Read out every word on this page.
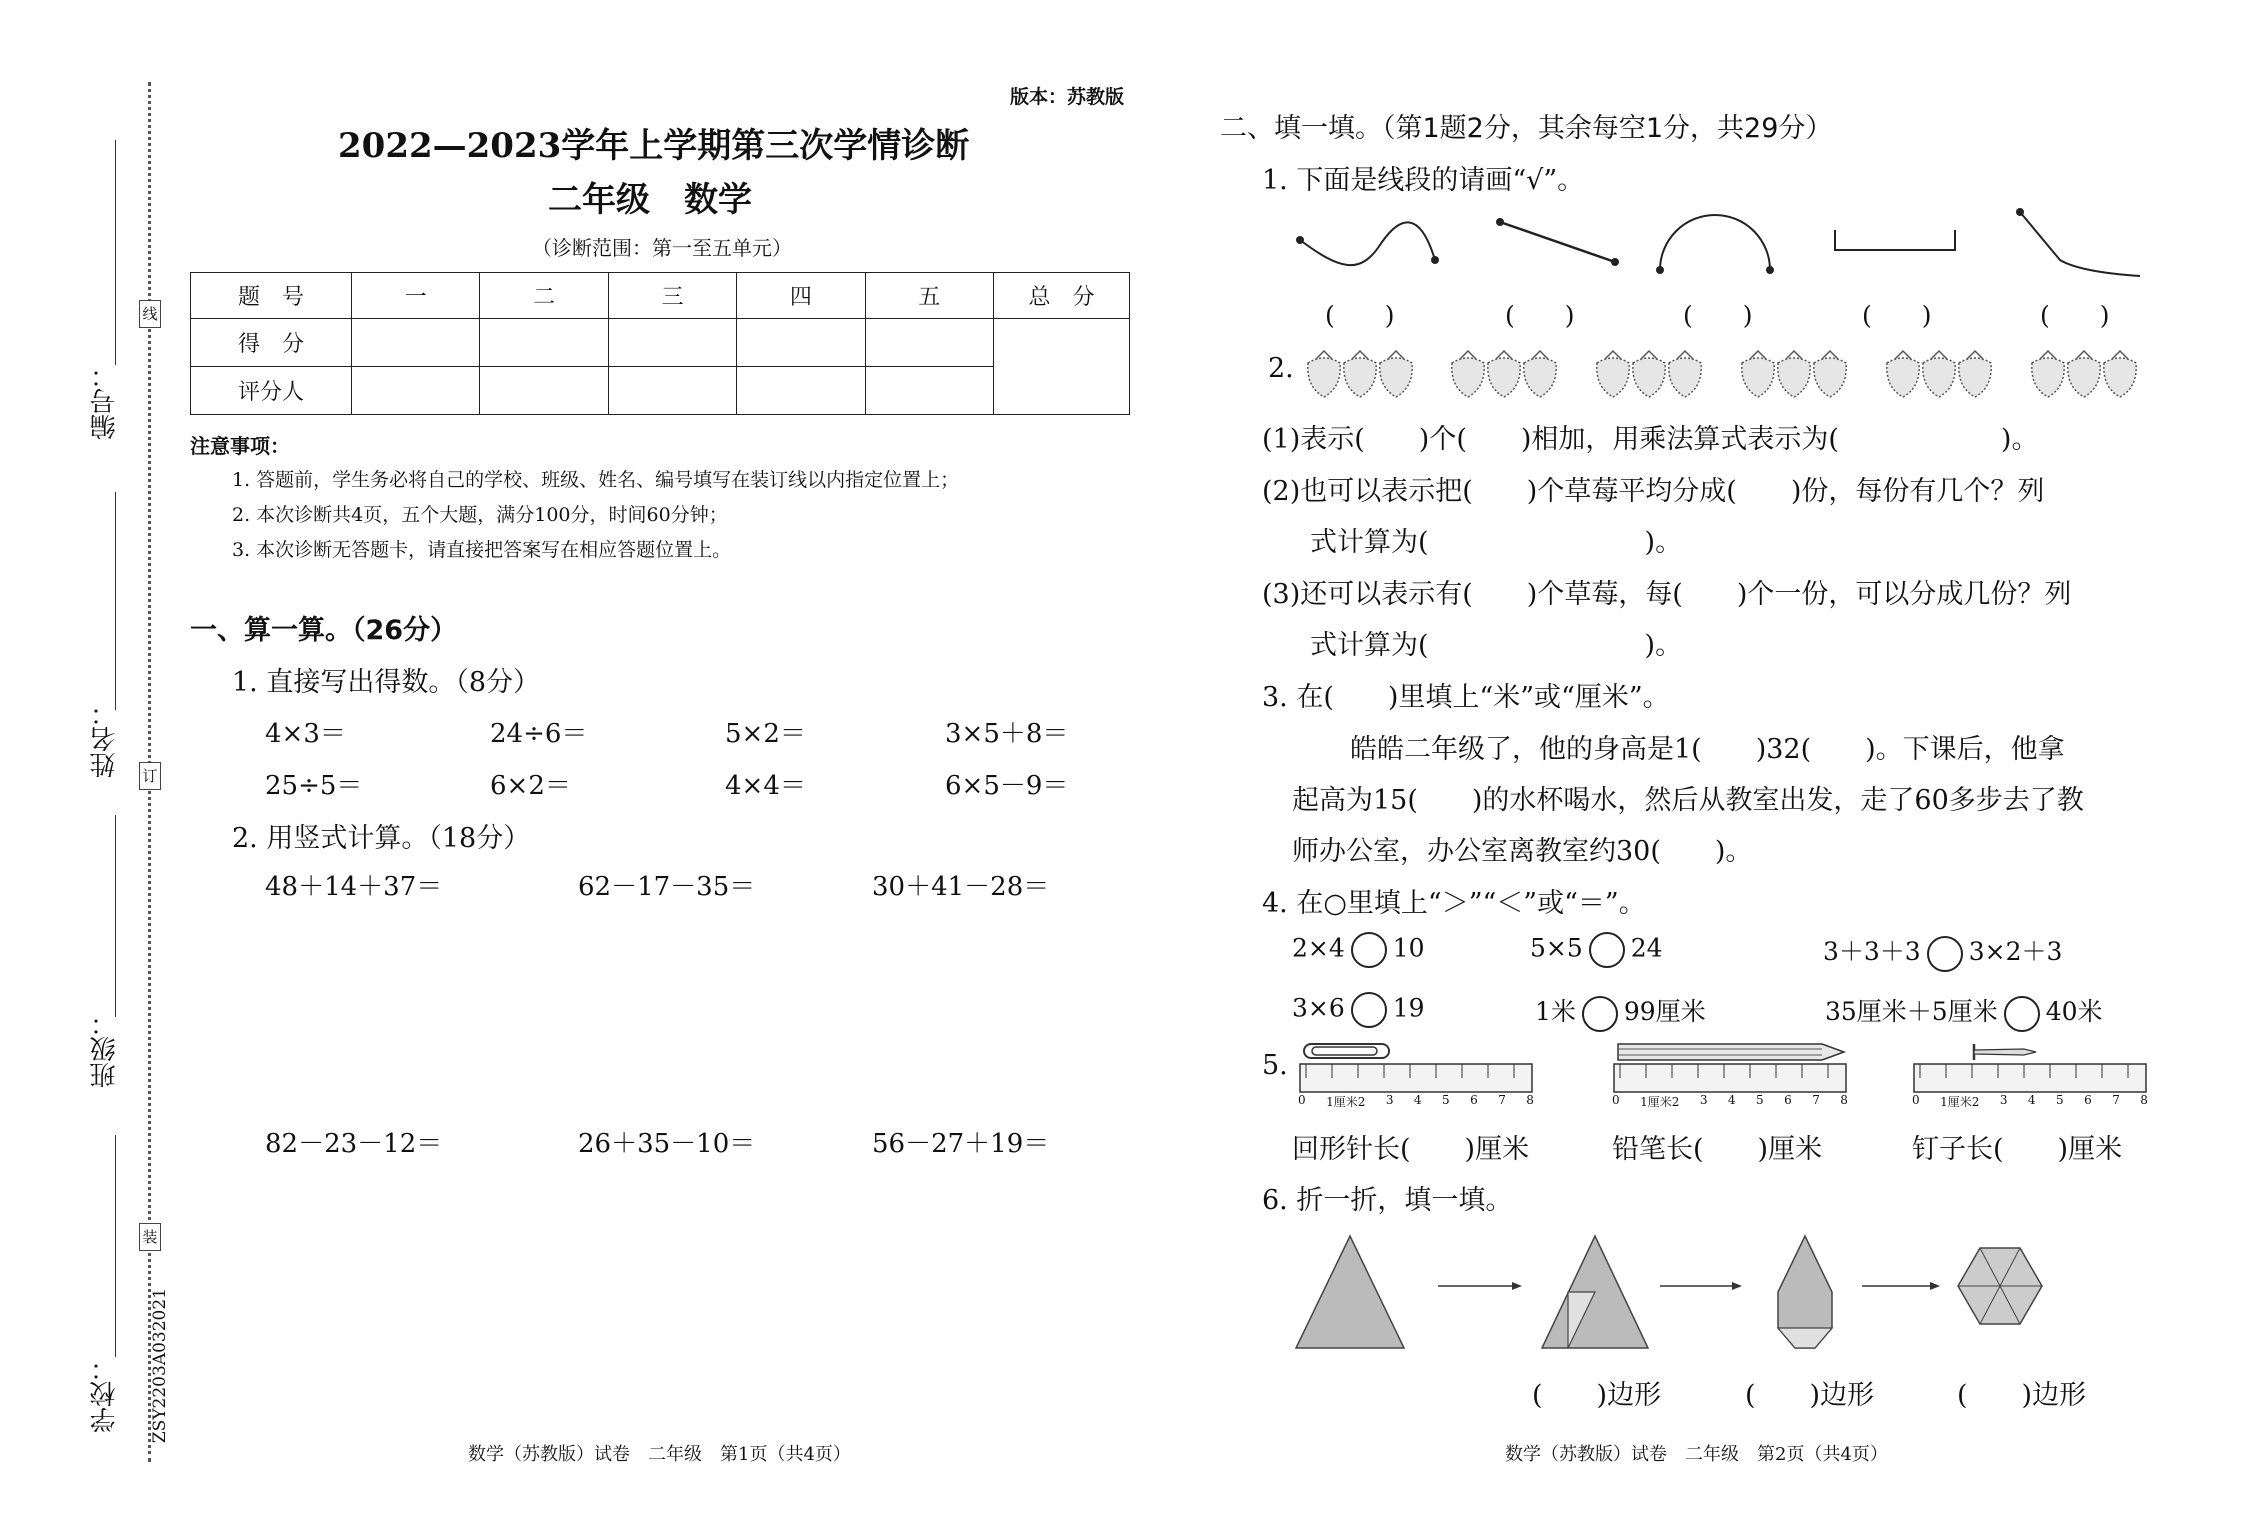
线
订
装
编号：
姓名：
班级：
学校： ZSY2203A032021
版本：苏教版
2022—2023学年上学期第三次学情诊断
二年级　数学
（诊断范围：第一至五单元）
题　号	一	二	三	四	五	总　分
得　分						
评分人						
注意事项：
1. 答题前，学生务必将自己的学校、班级、姓名、编号填写在装订线以内指定位置上；
2. 本次诊断共4页，五个大题，满分100分，时间60分钟；
3. 本次诊断无答题卡，请直接把答案写在相应答题位置上。
一、算一算。（26分）
1. 直接写出得数。（8分）
4×3＝	24÷6＝	5×2＝	3×5＋8＝
25÷5＝	6×2＝	4×4＝	6×5－9＝
2. 用竖式计算。（18分）
48＋14＋37＝	62－17－35＝	30＋41－28＝
82－23－12＝	26＋35－10＝	56－27＋19＝
数学（苏教版）试卷　二年级　第1页（共4页）
二、填一填。（第1题2分，其余每空1分，共29分）
1. 下面是线段的请画“√”。
(　　)	(　　)	(　　)	(　　)	(　　)
2.
(1)表示(　　)个(　　)相加，用乘法算式表示为(　　　　　　)。
(2)也可以表示把(　　)个草莓平均分成(　　)份，每份有几个？列
式计算为(　　　　　　　　)。
(3)还可以表示有(　　)个草莓，每(　　)个一份，可以分成几份？列
式计算为(　　　　　　　　)。
3. 在(　　)里填上“米”或“厘米”。
皓皓二年级了，他的身高是1(　　)32(　　)。下课后，他拿
起高为15(　　)的水杯喝水，然后从教室出发，走了60多步去了教
师办公室，办公室离教室约30(　　)。
4. 在○里填上“＞”“＜”或“＝”。
2×4 10	5×5 24	3＋3＋3 3×2＋3
3×6 19	1米 99厘米	35厘米＋5厘米 40米
5.
0 1厘米2 3 4 5 6 7 8	0 1厘米2 3 4 5 6 7 8	0 1厘米2 3 4 5 6 7 8
回形针长(　　)厘米	铅笔长(　　)厘米	钉子长(　　)厘米
6. 折一折，填一填。
(　　)边形	(　　)边形	(　　)边形
数学（苏教版）试卷　二年级　第2页（共4页）
